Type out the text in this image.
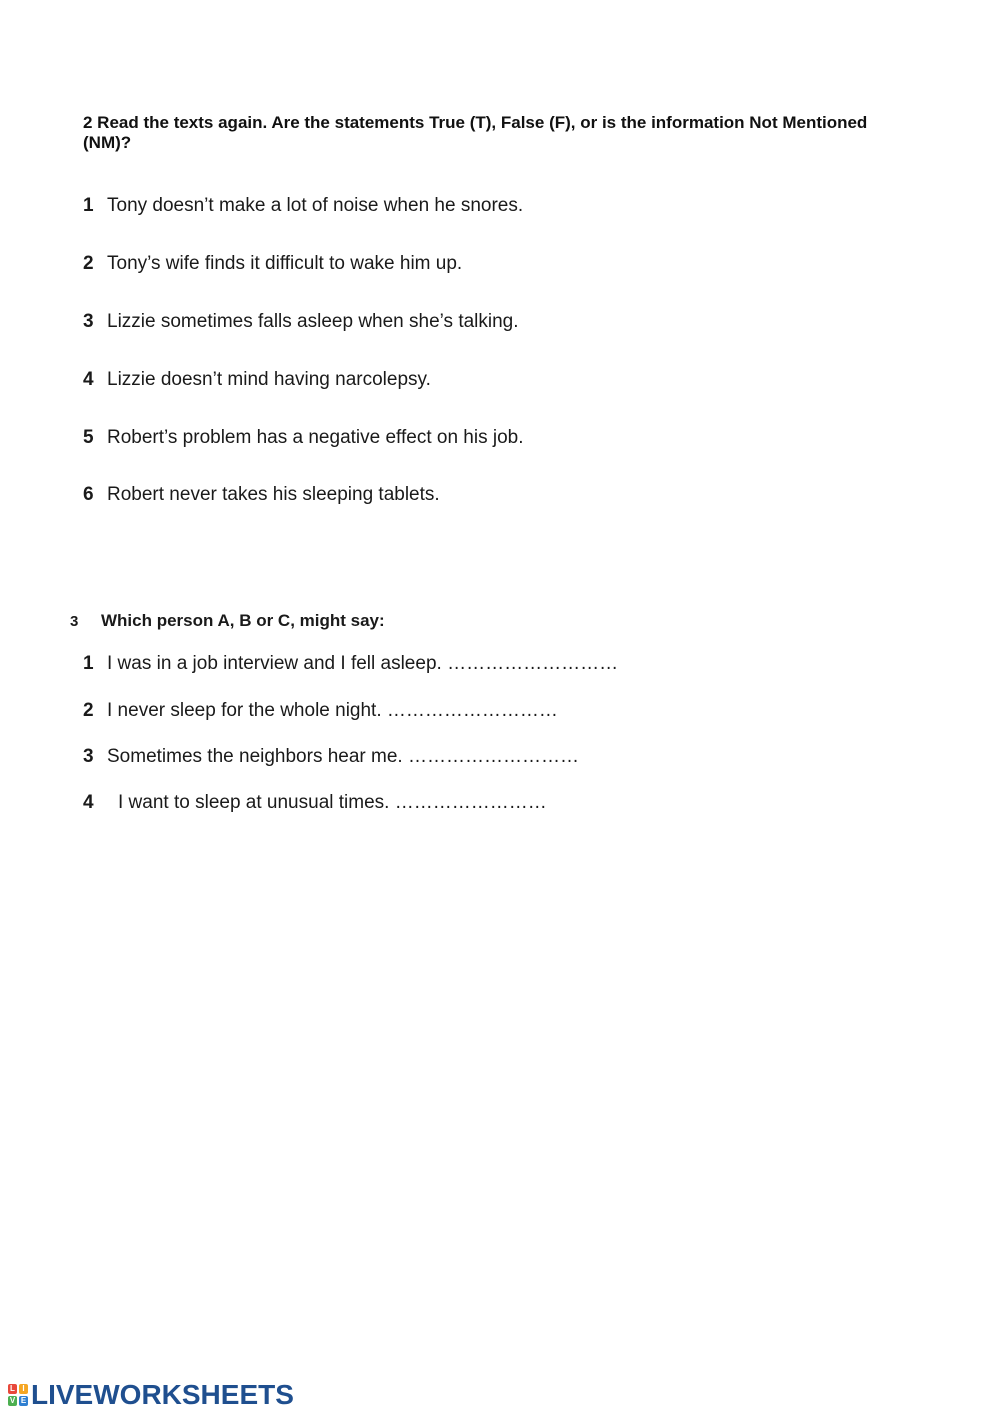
2 Read the texts again. Are the statements True (T), False (F), or is the information Not Mentioned (NM)?
1 Tony doesn’t make a lot of noise when he snores.
2 Tony’s wife finds it difficult to wake him up.
3 Lizzie sometimes falls asleep when she’s talking.
4 Lizzie doesn’t mind having narcolepsy.
5 Robert’s problem has a negative effect on his job.
6 Robert never takes his sleeping tablets.
3 Which person A, B or C, might say:
1 I was in a job interview and I fell asleep. ………………………
2 I never sleep for the whole night. ………………………
3 Sometimes the neighbors hear me. ………………………
4 I want to sleep at unusual times. ……………………
L I
V E LIVEWORKSHEETS
